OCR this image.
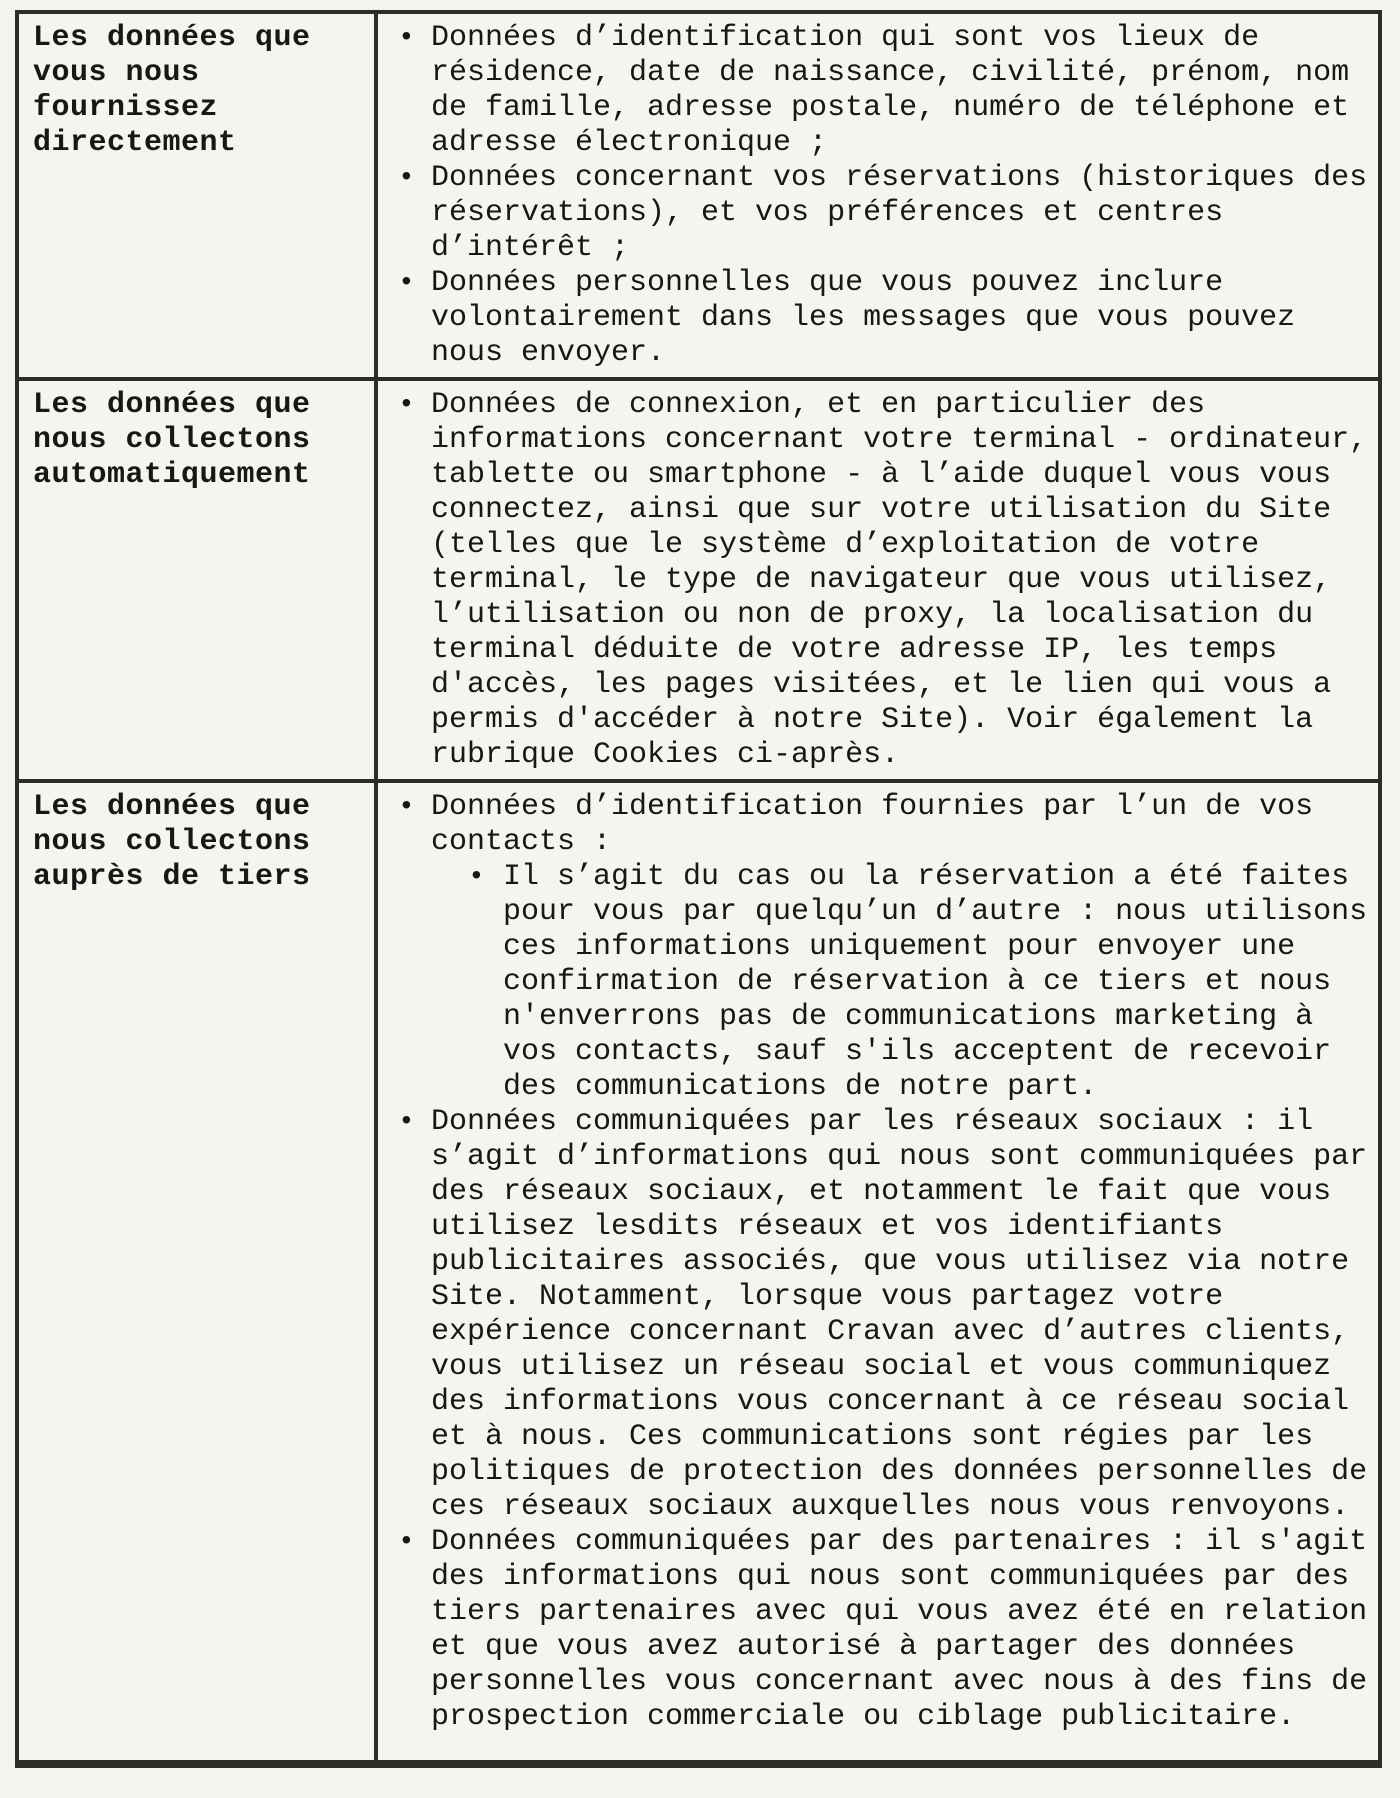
Les données que vous nous fournissez directement
• Données d’identification qui sont vos lieux de résidence, date de naissance, civilité, prénom, nom de famille, adresse postale, numéro de téléphone et adresse électronique ;
• Données concernant vos réservations (historiques des réservations), et vos préférences et centres d’intérêt ;
• Données personnelles que vous pouvez inclure volontairement dans les messages que vous pouvez nous envoyer.
Les données que nous collectons automatiquement
• Données de connexion, et en particulier des informations concernant votre terminal - ordinateur, tablette ou smartphone - à l’aide duquel vous vous connectez, ainsi que sur votre utilisation du Site (telles que le système d’exploitation de votre terminal, le type de navigateur que vous utilisez, l’utilisation ou non de proxy, la localisation du terminal déduite de votre adresse IP, les temps d'accès, les pages visitées, et le lien qui vous a permis d'accéder à notre Site). Voir également la rubrique Cookies ci-après.
Les données que nous collectons auprès de tiers
• Données d’identification fournies par l’un de vos contacts :
• Il s’agit du cas ou la réservation a été faites pour vous par quelqu’un d’autre : nous utilisons ces informations uniquement pour envoyer une confirmation de réservation à ce tiers et nous n'enverrons pas de communications marketing à vos contacts, sauf s'ils acceptent de recevoir des communications de notre part.
• Données communiquées par les réseaux sociaux : il s’agit d’informations qui nous sont communiquées par des réseaux sociaux, et notamment le fait que vous utilisez lesdits réseaux et vos identifiants publicitaires associés, que vous utilisez via notre Site. Notamment, lorsque vous partagez votre expérience concernant Cravan avec d’autres clients, vous utilisez un réseau social et vous communiquez des informations vous concernant à ce réseau social et à nous. Ces communications sont régies par les politiques de protection des données personnelles de ces réseaux sociaux auxquelles nous vous renvoyons.
• Données communiquées par des partenaires : il s'agit des informations qui nous sont communiquées par des tiers partenaires avec qui vous avez été en relation et que vous avez autorisé à partager des données personnelles vous concernant avec nous à des fins de prospection commerciale ou ciblage publicitaire.
